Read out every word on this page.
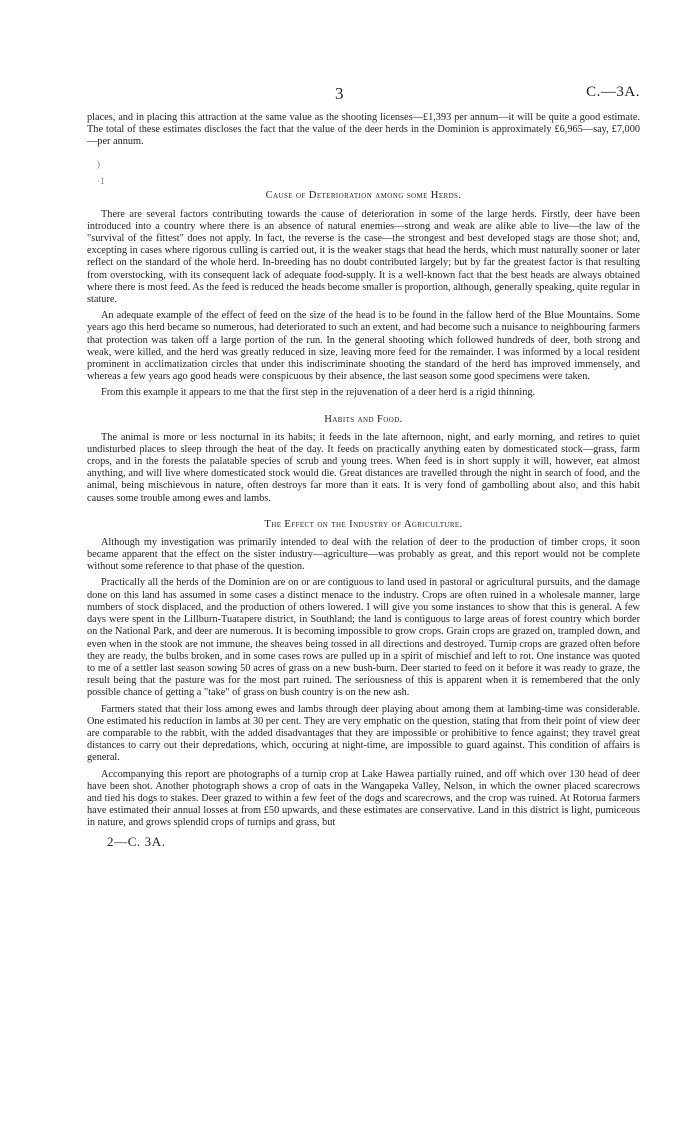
3	C.—3A.

places, and in placing this attraction at the same value as the shooting licenses—£1,393 per annum—it will be quite a good estimate. The total of these estimates discloses the fact that the value of the deer herds in the Dominion is approximately £6,965—say, £7,000—per annum.

)
·1
Cause of Deterioration among some Herds.

There are several factors contributing towards the cause of deterioration in some of the large herds. Firstly, deer have been introduced into a country where there is an absence of natural enemies—strong and weak are alike able to live—the law of the "survival of the fittest" does not apply. In fact, the reverse is the case—the strongest and best developed stags are those shot; and, excepting in cases where rigorous culling is carried out, it is the weaker stags that head the herds, which must naturally sooner or later reflect on the standard of the whole herd. In-breeding has no doubt contributed largely; but by far the greatest factor is that resulting from overstocking, with its consequent lack of adequate food-supply. It is a well-known fact that the best heads are always obtained where there is most feed. As the feed is reduced the heads become smaller is proportion, although, generally speaking, quite regular in stature.

An adequate example of the effect of feed on the size of the head is to be found in the fallow herd of the Blue Mountains. Some years ago this herd became so numerous, had deteriorated to such an extent, and had become such a nuisance to neighbouring farmers that protection was taken off a large portion of the run. In the general shooting which followed hundreds of deer, both strong and weak, were killed, and the herd was greatly reduced in size, leaving more feed for the remainder. I was informed by a local resident prominent in acclimatization circles that under this indiscriminate shooting the standard of the herd has improved immensely, and whereas a few years ago good heads were conspicuous by their absence, the last season some good specimens were taken.

From this example it appears to me that the first step in the rejuvenation of a deer herd is a rigid thinning.

Habits and Food.

The animal is more or less nocturnal in its habits; it feeds in the late afternoon, night, and early morning, and retires to quiet undisturbed places to sleep through the heat of the day. It feeds on practically anything eaten by domesticated stock—grass, farm crops, and in the forests the palatable species of scrub and young trees. When feed is in short supply it will, however, eat almost anything, and will live where domesticated stock would die. Great distances are travelled through the night in search of food, and the animal, being mischievous in nature, often destroys far more than it eats. It is very fond of gambolling about also, and this habit causes some trouble among ewes and lambs.

The Effect on the Industry of Agriculture.

Although my investigation was primarily intended to deal with the relation of deer to the production of timber crops, it soon became apparent that the effect on the sister industry—agriculture—was probably as great, and this report would not be complete without some reference to that phase of the question.

Practically all the herds of the Dominion are on or are contiguous to land used in pastoral or agricultural pursuits, and the damage done on this land has assumed in some cases a distinct menace to the industry. Crops are often ruined in a wholesale manner, large numbers of stock displaced, and the production of others lowered. I will give you some instances to show that this is general. A few days were spent in the Lillburn-Tuatapere district, in Southland; the land is contiguous to large areas of forest country which border on the National Park, and deer are numerous. It is becoming impossible to grow crops. Grain crops are grazed on, trampled down, and even when in the stook are not immune, the sheaves being tossed in all directions and destroyed. Turnip crops are grazed often before they are ready, the bulbs broken, and in some cases rows are pulled up in a spirit of mischief and left to rot. One instance was quoted to me of a settler last season sowing 50 acres of grass on a new bush-burn. Deer started to feed on it before it was ready to graze, the result being that the pasture was for the most part ruined. The seriousness of this is apparent when it is remembered that the only possible chance of getting a "take" of grass on bush country is on the new ash.

Farmers stated that their loss among ewes and lambs through deer playing about among them at lambing-time was considerable. One estimated his reduction in lambs at 30 per cent. They are very emphatic on the question, stating that from their point of view deer are comparable to the rabbit, with the added disadvantages that they are impossible or prohibitive to fence against; they travel great distances to carry out their depredations, which, occuring at night-time, are impossible to guard against. This condition of affairs is general.

Accompanying this report are photographs of a turnip crop at Lake Hawea partially ruined, and off which over 130 head of deer have been shot. Another photograph shows a crop of oats in the Wangapeka Valley, Nelson, in which the owner placed scarecrows and tied his dogs to stakes. Deer grazed to within a few feet of the dogs and scarecrows, and the crop was ruined. At Rotorua farmers have estimated their annual losses at from £50 upwards, and these estimates are conservative. Land in this district is light, pumiceous in nature, and grows splendid crops of turnips and grass, but

2—C. 3A.
